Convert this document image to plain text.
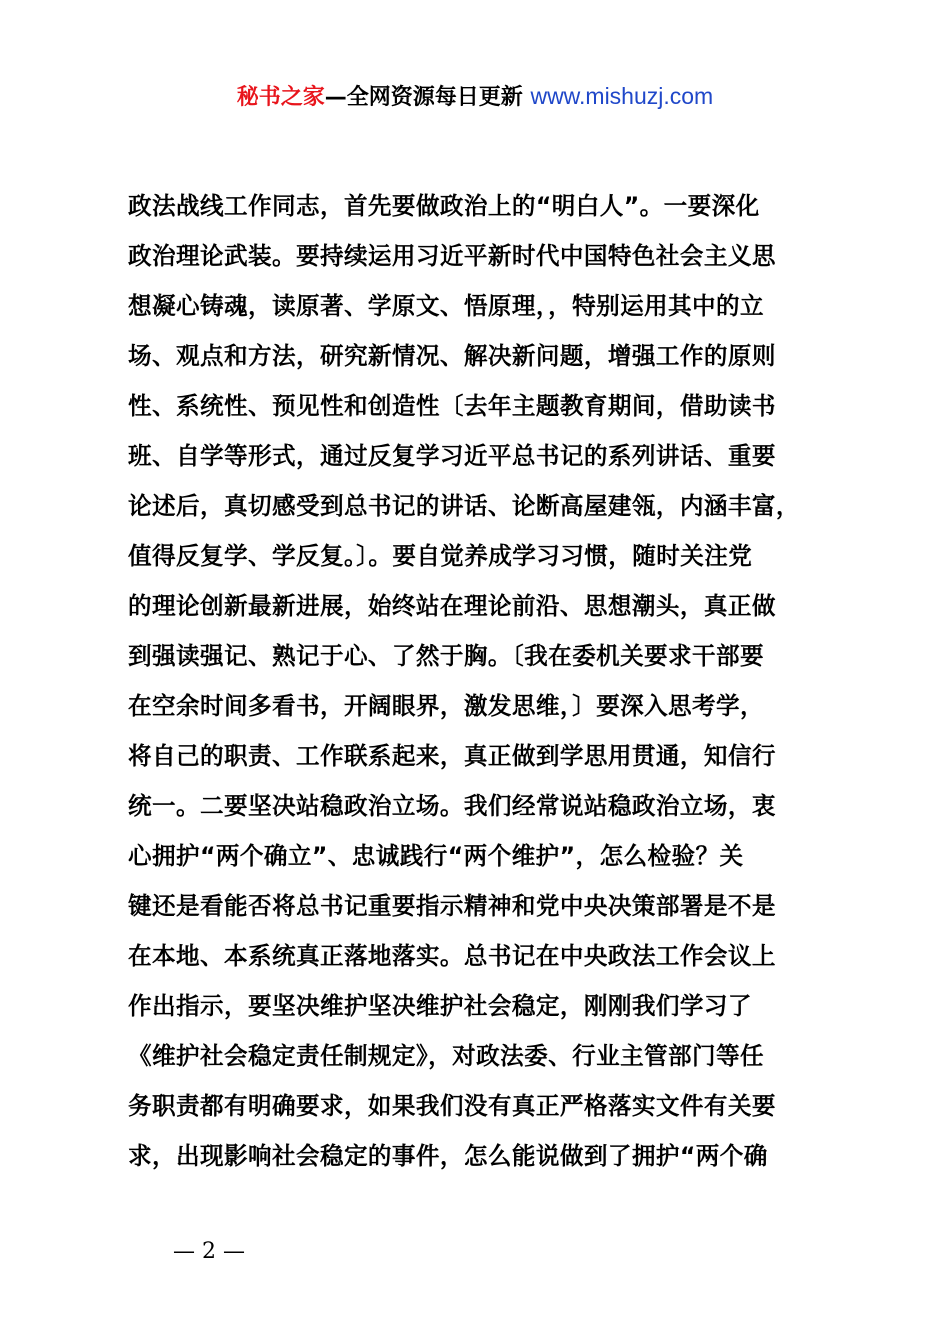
秘书之家—全网资源每日更新 www.mishuzj.com
政法战线工作同志，首先要做政治上的“明白人”。一要深化
政治理论武装。要持续运用习近平新时代中国特色社会主义思
想凝心铸魂，读原著、学原文、悟原理，，特别运用其中的立
场、观点和方法，研究新情况、解决新问题，增强工作的原则
性、系统性、预见性和创造性〔去年主题教育期间，借助读书
班、自学等形式，通过反复学习近平总书记的系列讲话、重要
论述后，真切感受到总书记的讲话、论断高屋建瓴，内涵丰富，
值得反复学、学反复。〕。要自觉养成学习习惯，随时关注党
的理论创新最新进展，始终站在理论前沿、思想潮头，真正做
到强读强记、熟记于心、了然于胸。〔我在委机关要求干部要
在空余时间多看书，开阔眼界，激发思维，〕要深入思考学，
将自己的职责、工作联系起来，真正做到学思用贯通，知信行
统一。二要坚决站稳政治立场。我们经常说站稳政治立场，衷
心拥护“两个确立”、忠诚践行“两个维护”，怎么检验？关
键还是看能否将总书记重要指示精神和党中央决策部署是不是
在本地、本系统真正落地落实。总书记在中央政法工作会议上
作出指示，要坚决维护坚决维护社会稳定，刚刚我们学习了
《维护社会稳定责任制规定》，对政法委、行业主管部门等任
务职责都有明确要求，如果我们没有真正严格落实文件有关要
求，出现影响社会稳定的事件，怎么能说做到了拥护“两个确
— 2 —
